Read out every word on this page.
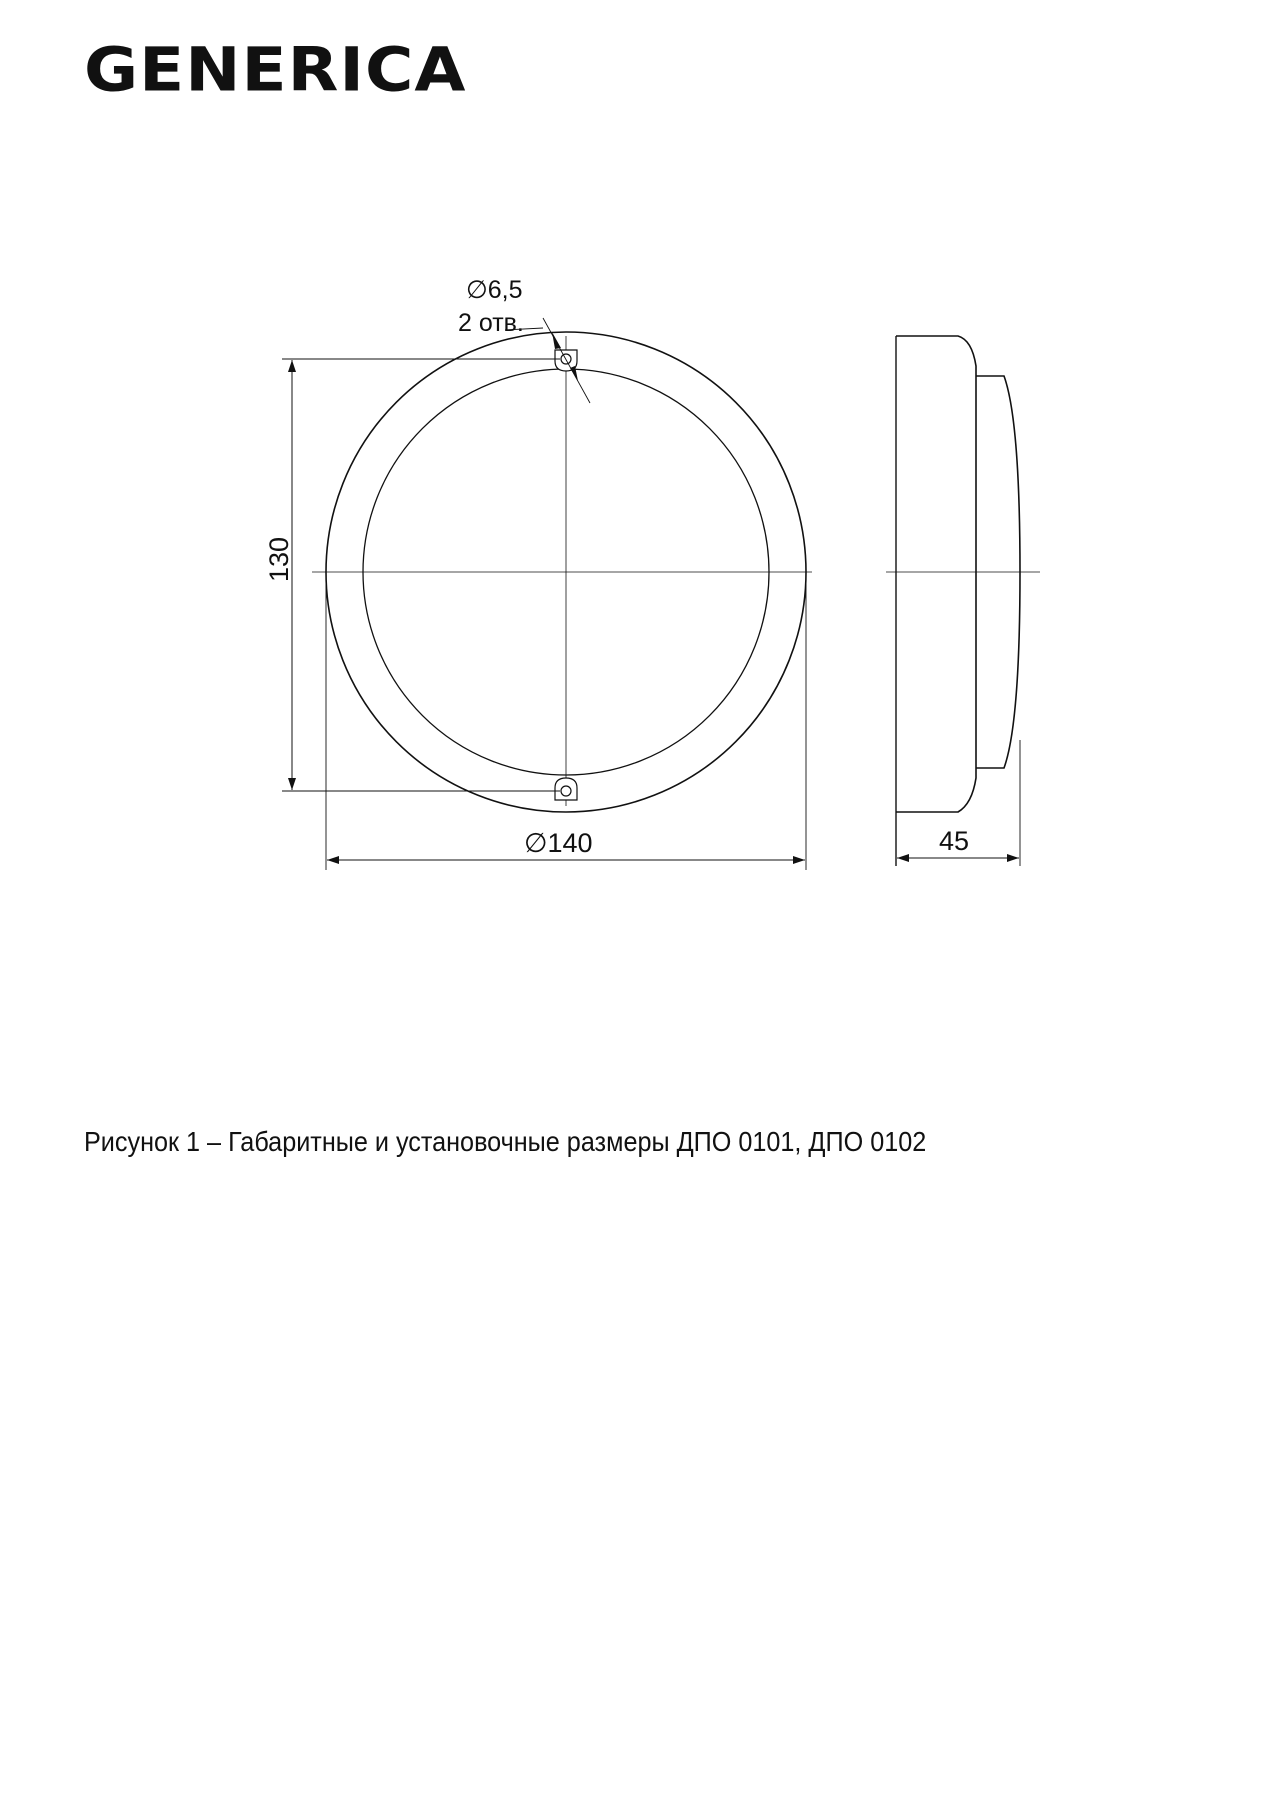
GENERICA
∅6,5
2 отв.
130
∅140	45
Рисунок 1 – Габаритные и установочные размеры ДПО 0101, ДПО 0102
